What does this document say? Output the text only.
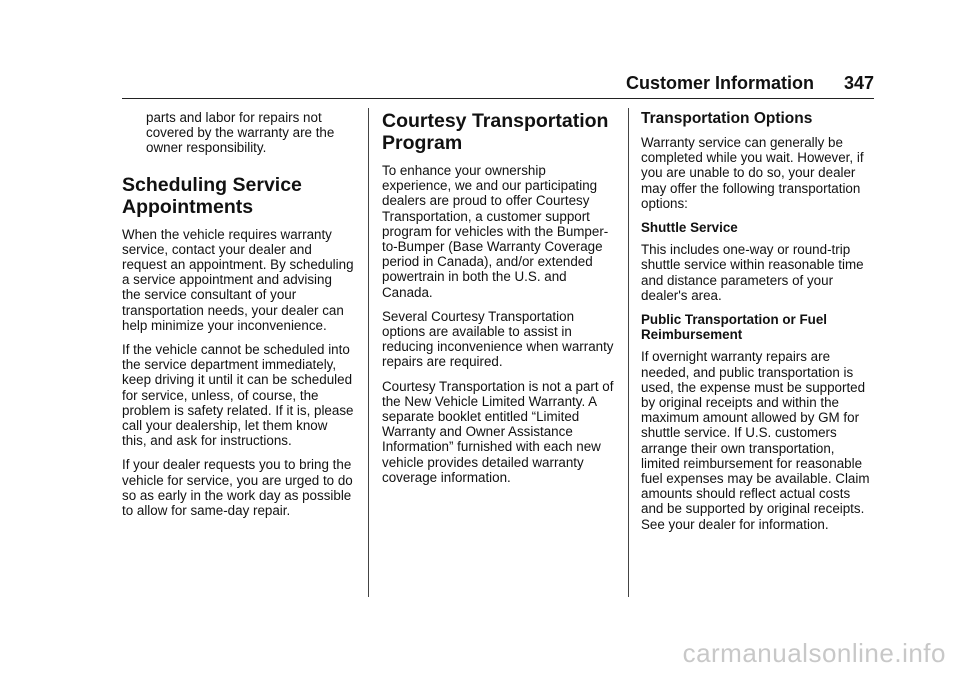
Customer Information 347

parts and labor for repairs not covered by the warranty are the owner responsibility.

Scheduling Service Appointments

When the vehicle requires warranty service, contact your dealer and request an appointment. By scheduling a service appointment and advising the service consultant of your transportation needs, your dealer can help minimize your inconvenience.

If the vehicle cannot be scheduled into the service department immediately, keep driving it until it can be scheduled for service, unless, of course, the problem is safety related. If it is, please call your dealership, let them know this, and ask for instructions.

If your dealer requests you to bring the vehicle for service, you are urged to do so as early in the work day as possible to allow for same-day repair.

Courtesy Transportation Program

To enhance your ownership experience, we and our participating dealers are proud to offer Courtesy Transportation, a customer support program for vehicles with the Bumper-to-Bumper (Base Warranty Coverage period in Canada), and/or extended powertrain in both the U.S. and Canada.

Several Courtesy Transportation options are available to assist in reducing inconvenience when warranty repairs are required.

Courtesy Transportation is not a part of the New Vehicle Limited Warranty. A separate booklet entitled “Limited Warranty and Owner Assistance Information” furnished with each new vehicle provides detailed warranty coverage information.

Transportation Options

Warranty service can generally be completed while you wait. However, if you are unable to do so, your dealer may offer the following transportation options:

Shuttle Service

This includes one-way or round-trip shuttle service within reasonable time and distance parameters of your dealer's area.

Public Transportation or Fuel Reimbursement

If overnight warranty repairs are needed, and public transportation is used, the expense must be supported by original receipts and within the maximum amount allowed by GM for shuttle service. If U.S. customers arrange their own transportation, limited reimbursement for reasonable fuel expenses may be available. Claim amounts should reflect actual costs and be supported by original receipts. See your dealer for information.

carmanualsonline.info
